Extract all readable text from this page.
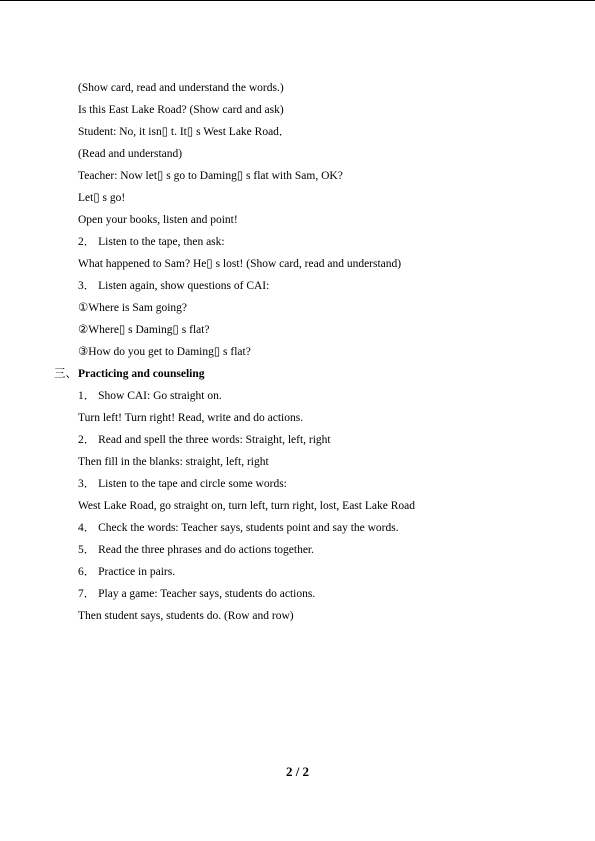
(Show card, read and understand the words.)
Is this East Lake Road? (Show card and ask)
Student: No, it isn▯ t. It▯ s West Lake Road．
(Read and understand)
Teacher: Now let▯ s go to Daming▯ s flat with Sam, OK?
Let▯ s go!
Open your books, listen and point!
2． Listen to the tape, then ask:
What happened to Sam? He▯ s lost! (Show card, read and understand)
3． Listen again, show questions of CAI:
①Where is Sam going?
②Where▯ s Daming▯ s flat?
③How do you get to Daming▯ s flat?
三、 Practicing and counseling
1． Show CAI: Go straight on.
Turn left! Turn right! Read, write and do actions.
2． Read and spell the three words: Straight, left, right
Then fill in the blanks: straight, left, right
3． Listen to the tape and circle some words:
West Lake Road, go straight on, turn left, turn right, lost, East Lake Road
4． Check the words: Teacher says, students point and say the words.
5． Read the three phrases and do actions together.
6． Practice in pairs.
7． Play a game: Teacher says, students do actions.
Then student says, students do. (Row and row)
2 / 2
